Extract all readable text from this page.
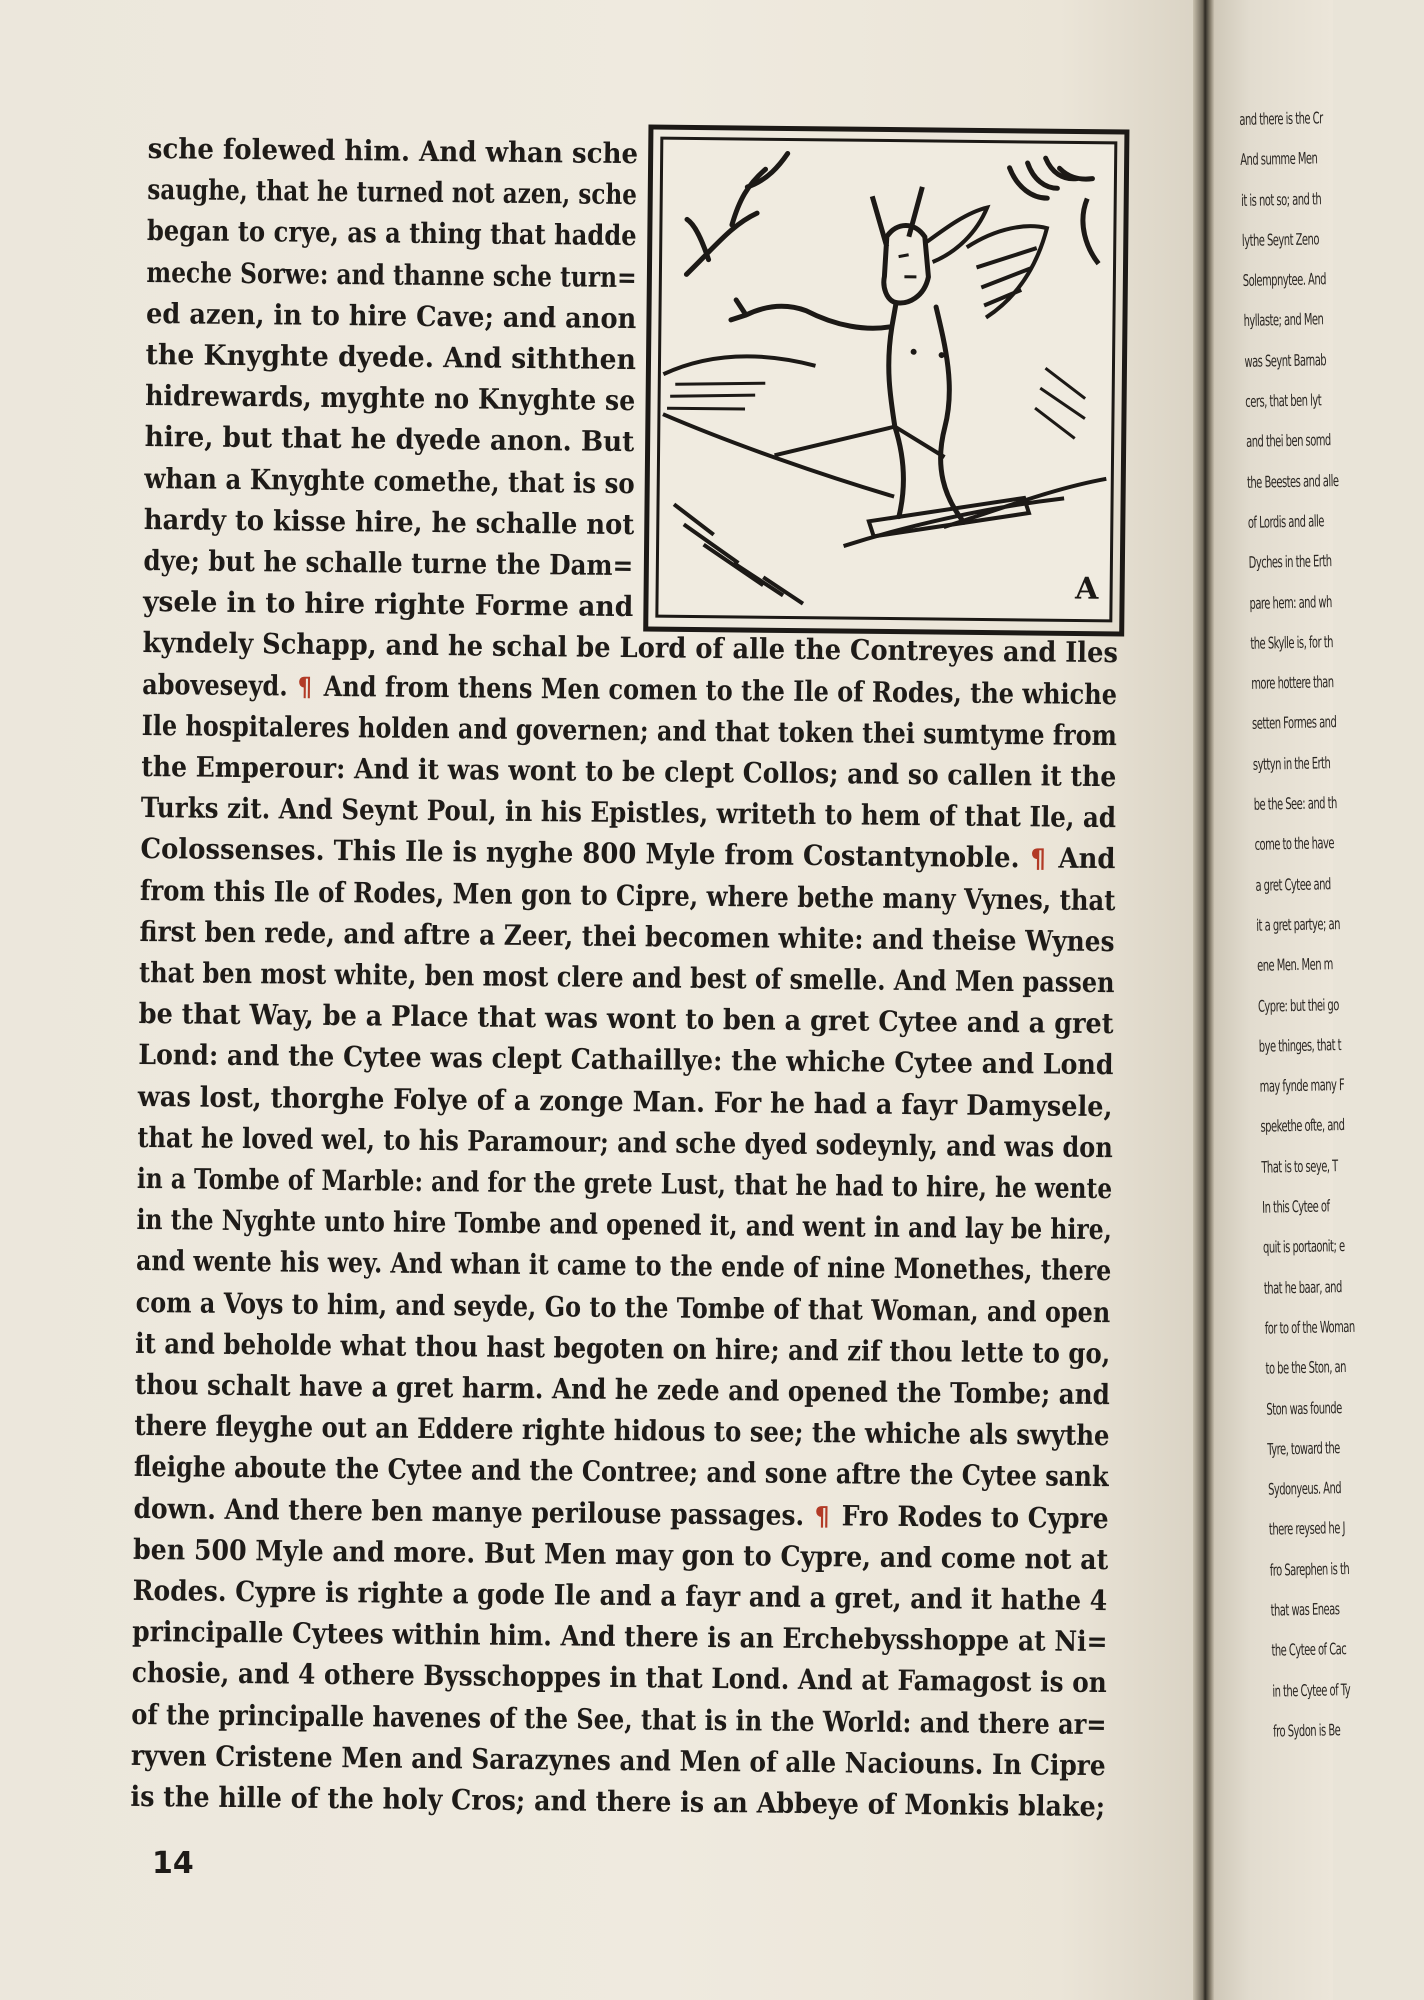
sche folewed him. And whan sche
saughe, that he turned not azen, sche
began to crye, as a thing that hadde
meche Sorwe: and thanne sche turn=
ed azen, in to hire Cave; and anon
the Knyghte dyede. And siththen
hidrewards, myghte no Knyghte se
hire, but that he dyede anon. But
whan a Knyghte comethe, that is so
hardy to kisse hire, he schalle not
dye; but he schalle turne the Dam=
ysele in to hire righte Forme and
kyndely Schapp, and he schal be Lord of alle the Contreyes and Iles
aboveseyd. ¶ And from thens Men comen to the Ile of Rodes, the whiche
Ile hospitaleres holden and governen; and that token thei sumtyme from
the Emperour: And it was wont to be clept Collos; and so callen it the
Turks zit. And Seynt Poul, in his Epistles, writeth to hem of that Ile, ad
Colossenses. This Ile is nyghe 800 Myle from Costantynoble. ¶ And
from this Ile of Rodes, Men gon to Cipre, where bethe many Vynes, that
first ben rede, and aftre a Zeer, thei becomen white: and theise Wynes
that ben most white, ben most clere and best of smelle. And Men passen
be that Way, be a Place that was wont to ben a gret Cytee and a gret
Lond: and the Cytee was clept Cathaillye: the whiche Cytee and Lond
was lost, thorghe Folye of a zonge Man. For he had a fayr Damysele,
that he loved wel, to his Paramour; and sche dyed sodeynly, and was don
in a Tombe of Marble: and for the grete Lust, that he had to hire, he wente
in the Nyghte unto hire Tombe and opened it, and went in and lay be hire,
and wente his wey. And whan it came to the ende of nine Monethes, there
com a Voys to him, and seyde, Go to the Tombe of that Woman, and open
it and beholde what thou hast begoten on hire; and zif thou lette to go,
thou schalt have a gret harm. And he zede and opened the Tombe; and
there fleyghe out an Eddere righte hidous to see; the whiche als swythe
fleighe aboute the Cytee and the Contree; and sone aftre the Cytee sank
down. And there ben manye perilouse passages. ¶ Fro Rodes to Cypre
ben 500 Myle and more. But Men may gon to Cypre, and come not at
Rodes. Cypre is righte a gode Ile and a fayr and a gret, and it hathe 4
principalle Cytees within him. And there is an Erchebysshoppe at Ni=
chosie, and 4 othere Bysschoppes in that Lond. And at Famagost is on
of the principalle havenes of the See, that is in the World: and there ar=
ryven Cristene Men and Sarazynes and Men of alle Naciouns. In Cipre
is the hille of the holy Cros; and there is an Abbeye of Monkis blake;
A
14
and there is the Cr
And summe Men
it is not so; and th
lythe Seynt Zeno
Solempnytee. And
hyllaste; and Men
was Seynt Barnab
cers, that ben lyt
and thei ben somd
the Beestes and alle
of Lordis and alle
Dyches in the Erth
pare hem: and wh
the Skylle is, for th
more hottere than
setten Formes and
syttyn in the Erth
be the See: and th
come to the have
a gret Cytee and
it a gret partye; an
ene Men. Men m
Cypre: but thei go
bye thinges, that t
may fynde many F
spekethe ofte, and
That is to seye, T
In this Cytee of
quit is portaonit; e
that he baar, and
for to of the Woman
to be the Ston, an
Ston was founde
Tyre, toward the
Sydonyeus. And
there reysed he J
fro Sarephen is th
that was Eneas
the Cytee of Cac
in the Cytee of Ty
fro Sydon is Be
